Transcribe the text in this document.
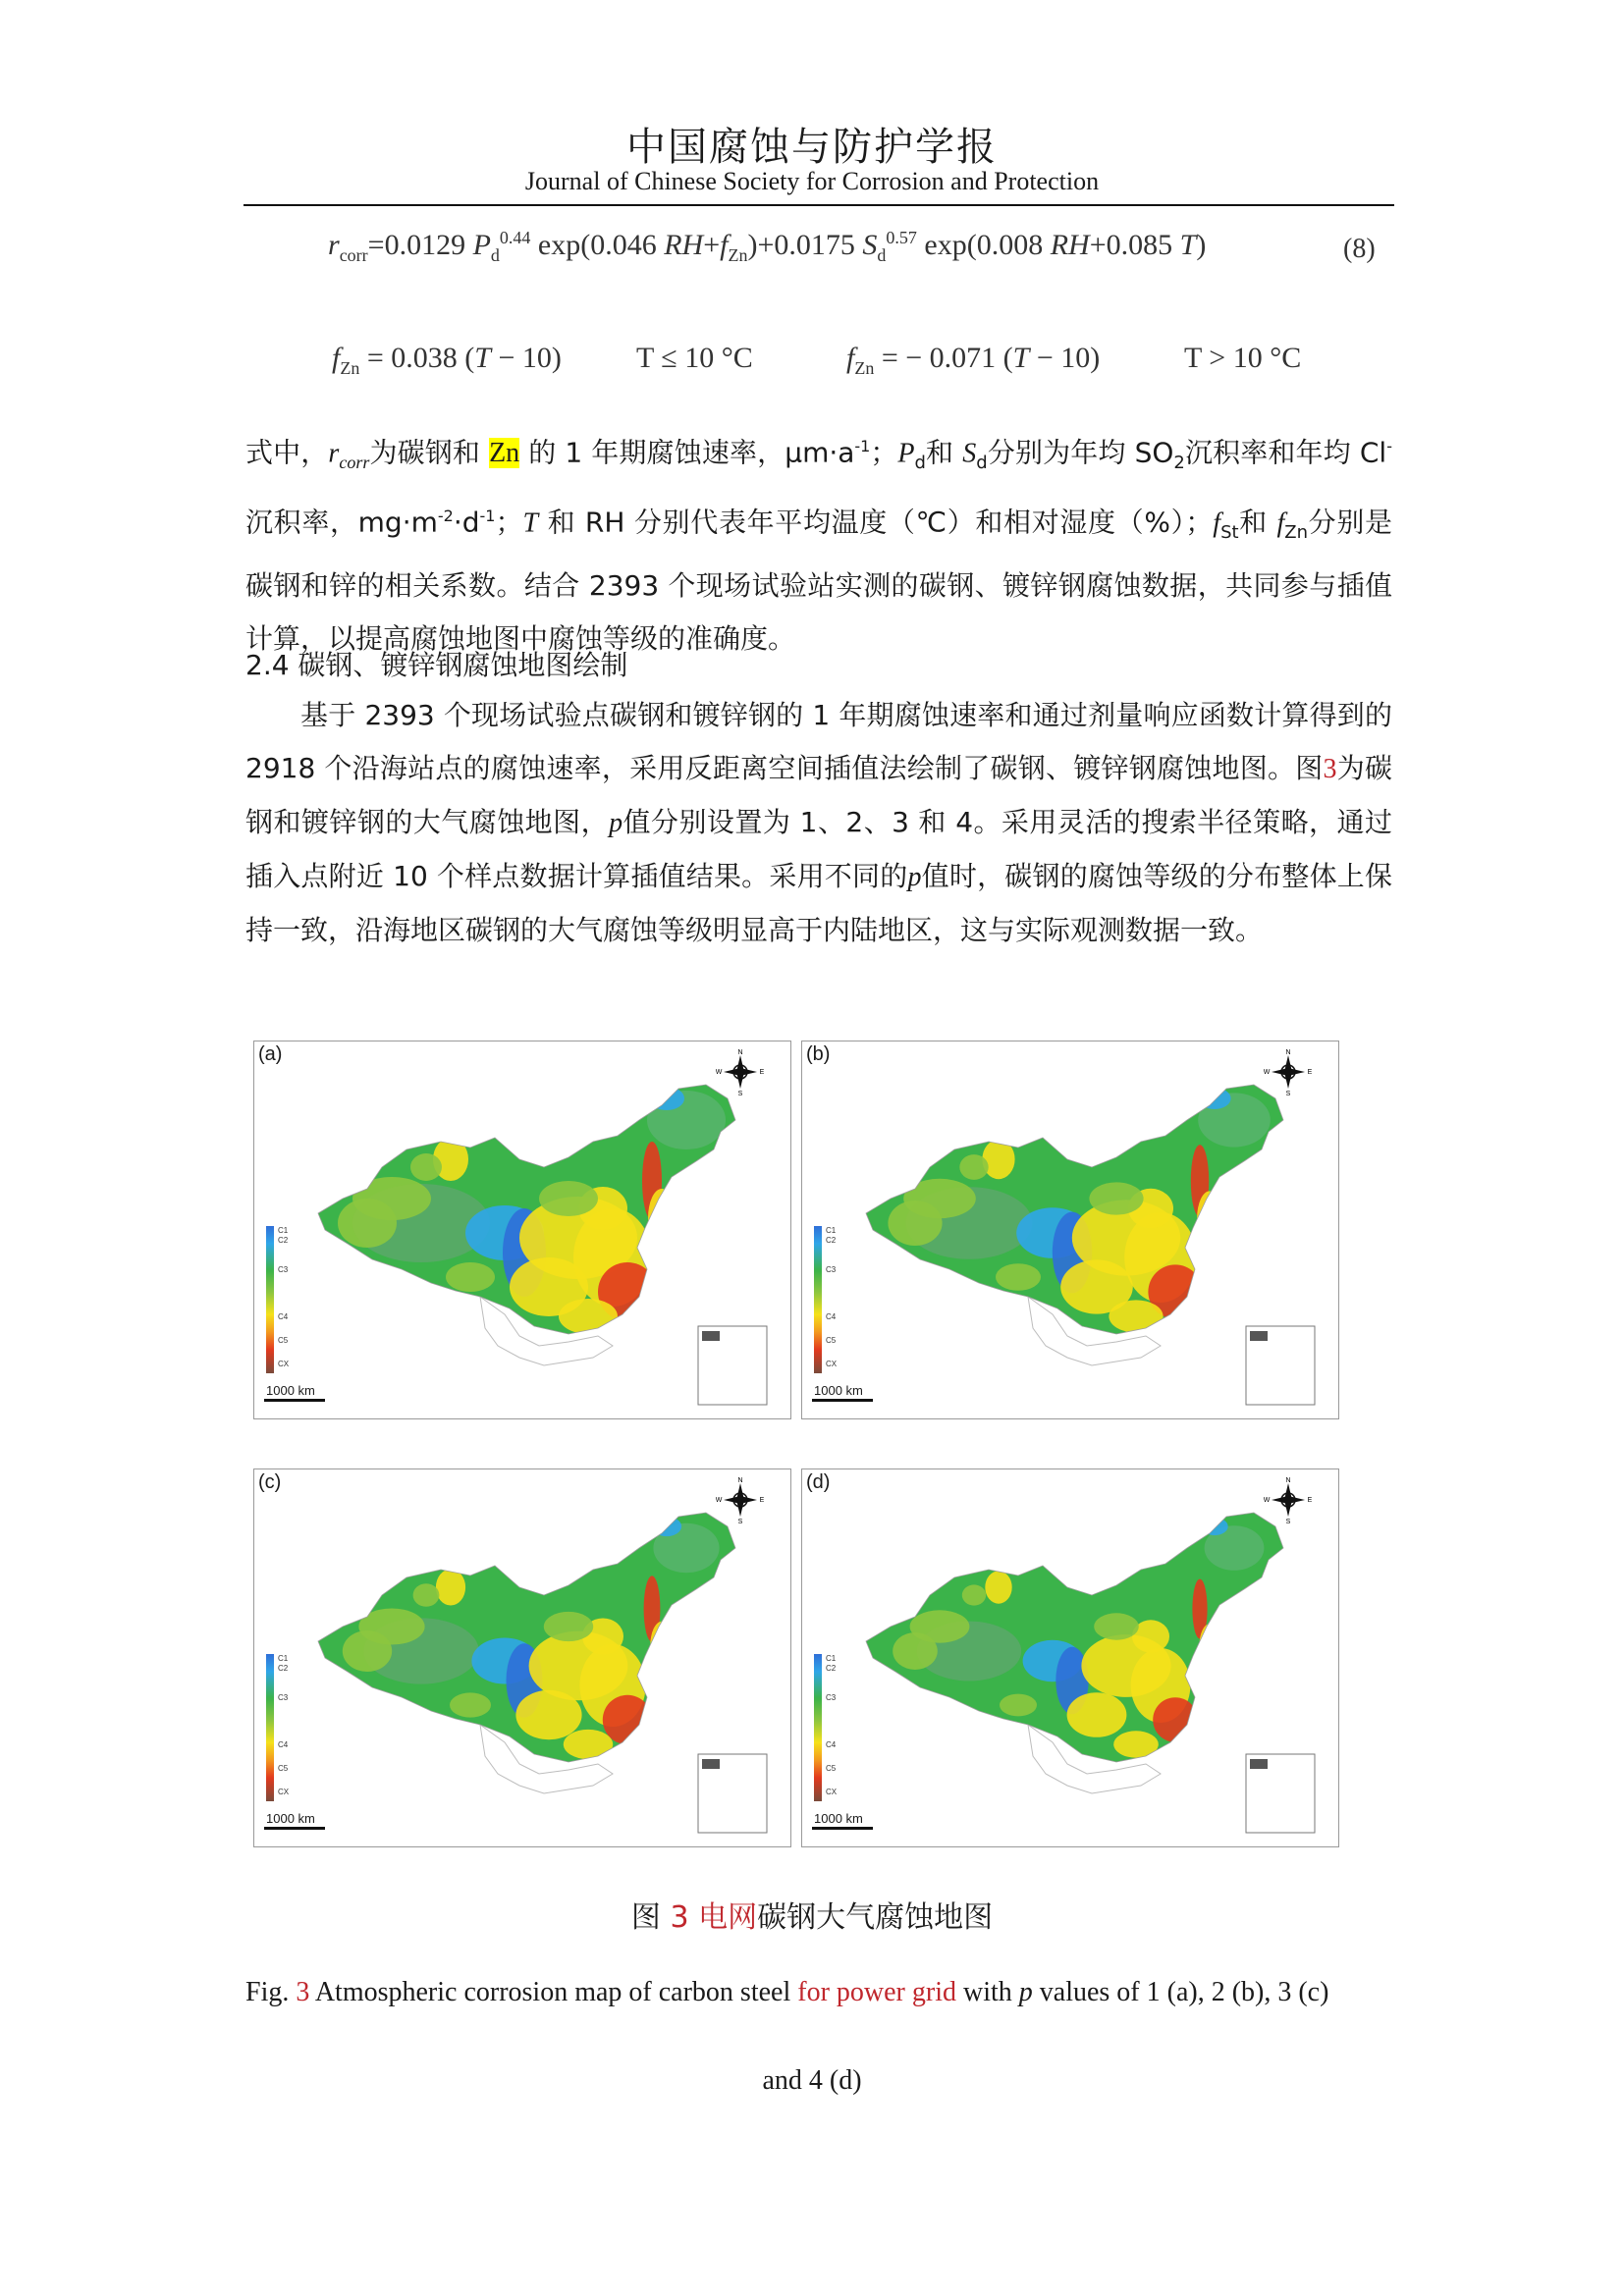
中国腐蚀与防护学报
Journal of Chinese Society for Corrosion and Protection
$r_{corr}=0.0129$ $P_d^{0.44}$ exp(0.046 $RH+f_{Zn})+0.0175$ $S_d^{0.57}$ exp(0.008 RH+0.085 T)	(8)
$f_{Zn} = 0.038$ (T − 10)	T ≤ 10 °C	$f_{Zn}$ = − 0.071 (T − 10)	T > 10 °C
式中，$r_{corr}$为碳钢和 Zn 的 1 年期腐蚀速率，$\mu m\cdot a^{-1}$；$P_d$和 $S_d$分别为年均 $SO_2$沉积率和年均 Cl-沉积率，$mg\cdot m^{-2}\cdot d^{-1}$；T 和 RH 分别代表年平均温度（℃）和相对湿度（%）；$f_{St}$和 $f_{Zn}$分别是碳钢和锌的相关系数。结合 2393 个现场试验站实测的碳钢、镀锌钢腐蚀数据，共同参与插值计算，以提高腐蚀地图中腐蚀等级的准确度。
2.4 碳钢、镀锌钢腐蚀地图绘制
基于 2393 个现场试验点碳钢和镀锌钢的 1 年期腐蚀速率和通过剂量响应函数计算得到的 2918 个沿海站点的腐蚀速率，采用反距离空间插值法绘制了碳钢、镀锌钢腐蚀地图。图3为碳钢和镀锌钢的大气腐蚀地图，p值分别设置为 1、2、3 和 4。采用灵活的搜索半径策略，通过插入点附近 10 个样点数据计算插值结果。采用不同的p值时，碳钢的腐蚀等级的分布整体上保持一致，沿海地区碳钢的大气腐蚀等级明显高于内陆地区，这与实际观测数据一致。
(a)
C1
C2
C3
C4
C5
CX
1000 km
N
S
E
W
(b)
C1
C2
C3
C4
C5
CX
1000 km
N
S
E
W
(c)
C1
C2
C3
C4
C5
CX
1000 km
N
S
E
W
(d)
C1
C2
C3
C4
C5
CX
1000 km
N
S
E
W
图 3 电网碳钢大气腐蚀地图
Fig. 3 Atmospheric corrosion map of carbon steel for power grid with p values of 1 (a), 2 (b), 3 (c)
and 4 (d)
